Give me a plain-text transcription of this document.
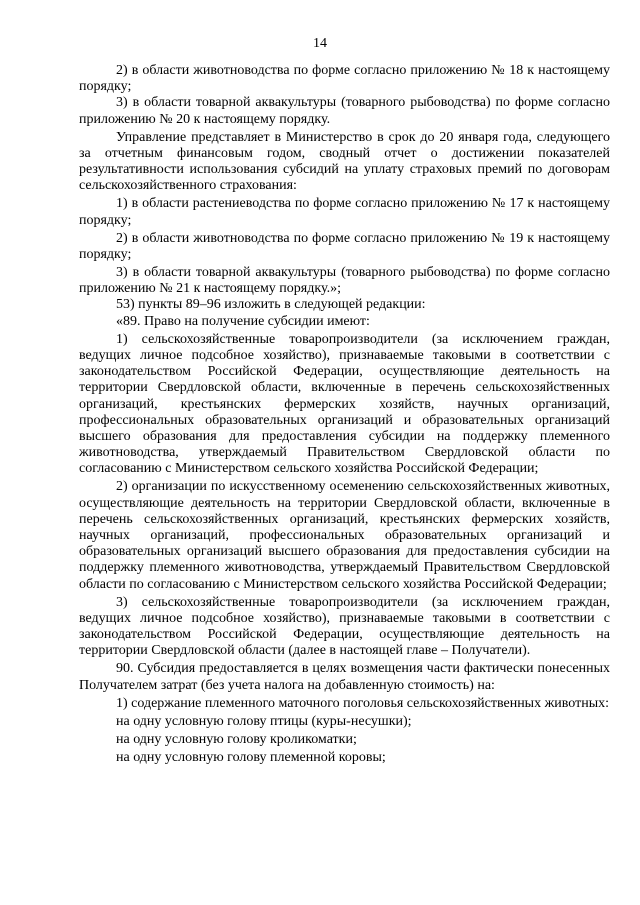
14

2) в области животноводства по форме согласно приложению № 18 к настоящему порядку;

3) в области товарной аквакультуры (товарного рыбоводства) по форме согласно приложению № 20 к настоящему порядку.

Управление представляет в Министерство в срок до 20 января года, следующего за отчетным финансовым годом, сводный отчет о достижении показателей результативности использования субсидий на уплату страховых премий по договорам сельскохозяйственного страхования:

1) в области растениеводства по форме согласно приложению № 17 к настоящему порядку;

2) в области животноводства по форме согласно приложению № 19 к настоящему порядку;

3) в области товарной аквакультуры (товарного рыбоводства) по форме согласно приложению № 21 к настоящему порядку.»;

53) пункты 89–96 изложить в следующей редакции:

«89. Право на получение субсидии имеют:

1) сельскохозяйственные товаропроизводители (за исключением граждан, ведущих личное подсобное хозяйство), признаваемые таковыми в соответствии с законодательством Российской Федерации, осуществляющие деятельность на территории Свердловской области, включенные в перечень сельскохозяйственных организаций, крестьянских фермерских хозяйств, научных организаций, профессиональных образовательных организаций и образовательных организаций высшего образования для предоставления субсидии на поддержку племенного животноводства, утверждаемый Правительством Свердловской области по согласованию с Министерством сельского хозяйства Российской Федерации;

2) организации по искусственному осеменению сельскохозяйственных животных, осуществляющие деятельность на территории Свердловской области, включенные в перечень сельскохозяйственных организаций, крестьянских фермерских хозяйств, научных организаций, профессиональных образовательных организаций и образовательных организаций высшего образования для предоставления субсидии на поддержку племенного животноводства, утверждаемый Правительством Свердловской области по согласованию с Министерством сельского хозяйства Российской Федерации;

3) сельскохозяйственные товаропроизводители (за исключением граждан, ведущих личное подсобное хозяйство), признаваемые таковыми в соответствии с законодательством Российской Федерации, осуществляющие деятельность на территории Свердловской области (далее в настоящей главе – Получатели).

90. Субсидия предоставляется в целях возмещения части фактически понесенных Получателем затрат (без учета налога на добавленную стоимость) на:

1) содержание племенного маточного поголовья сельскохозяйственных животных:

на одну условную голову птицы (куры-несушки);

на одну условную голову кроликоматки;

на одну условную голову племенной коровы;
